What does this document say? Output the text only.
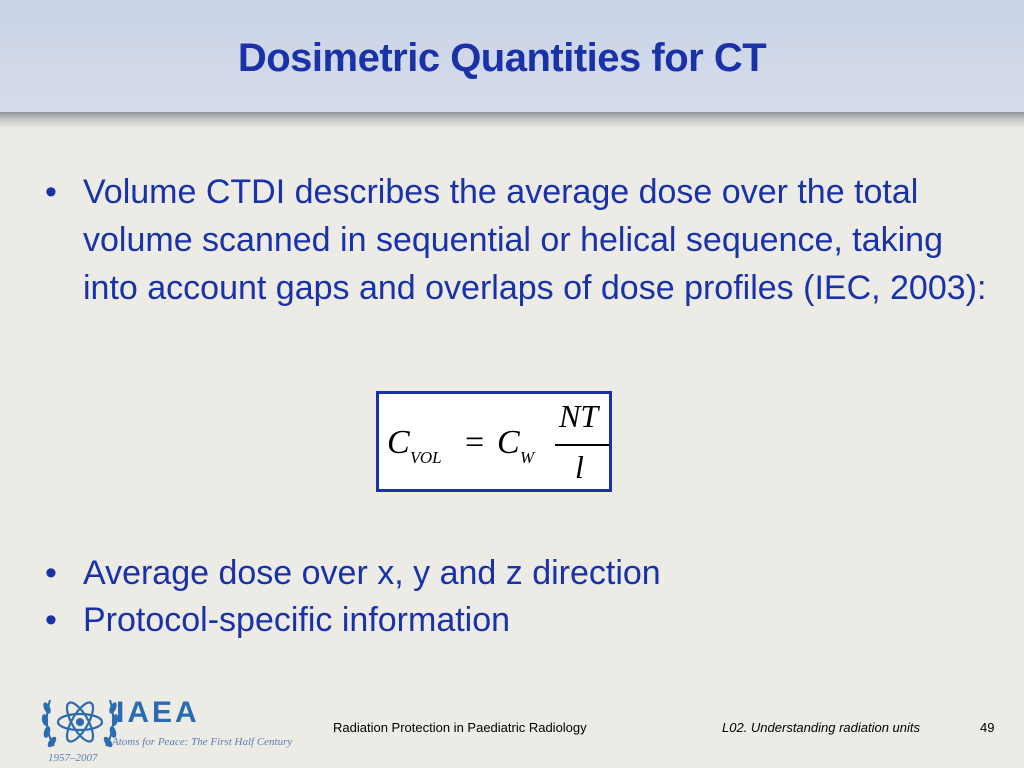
Dosimetric Quantities for CT
• Volume CTDI describes the average dose over the total volume scanned in sequential or helical sequence, taking into account gaps and overlaps of dose profiles (IEC, 2003):
C VOL = C W
NT
l
• Average dose over x, y and z direction
• Protocol-specific information
IAEA
Atoms for Peace: The First Half Century
1957–2007
Radiation Protection in Paediatric Radiology	L02. Understanding radiation units	49
